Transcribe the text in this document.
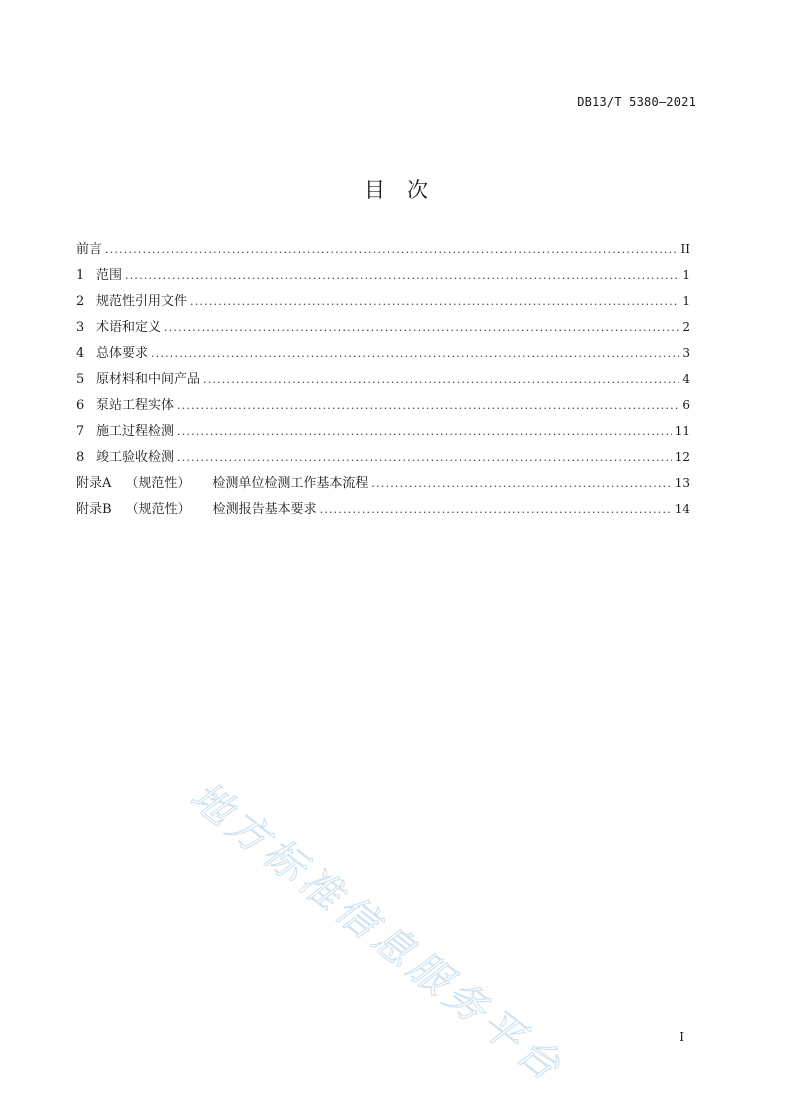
DB13/T 5380—2021
目 次
前言 .....	II
1 范围 .....	1
2 规范性引用文件 .....	1
3 术语和定义 .....	2
4 总体要求 .....	3
5 原材料和中间产品 .....	4
6 泵站工程实体 .....	6
7 施工过程检测 .....	11
8 竣工验收检测 .....	12
附录A （规范性） 检测单位检测工作基本流程 .....	13
附录B （规范性） 检测报告基本要求 .....	14
地方标准信息服务平台	I
